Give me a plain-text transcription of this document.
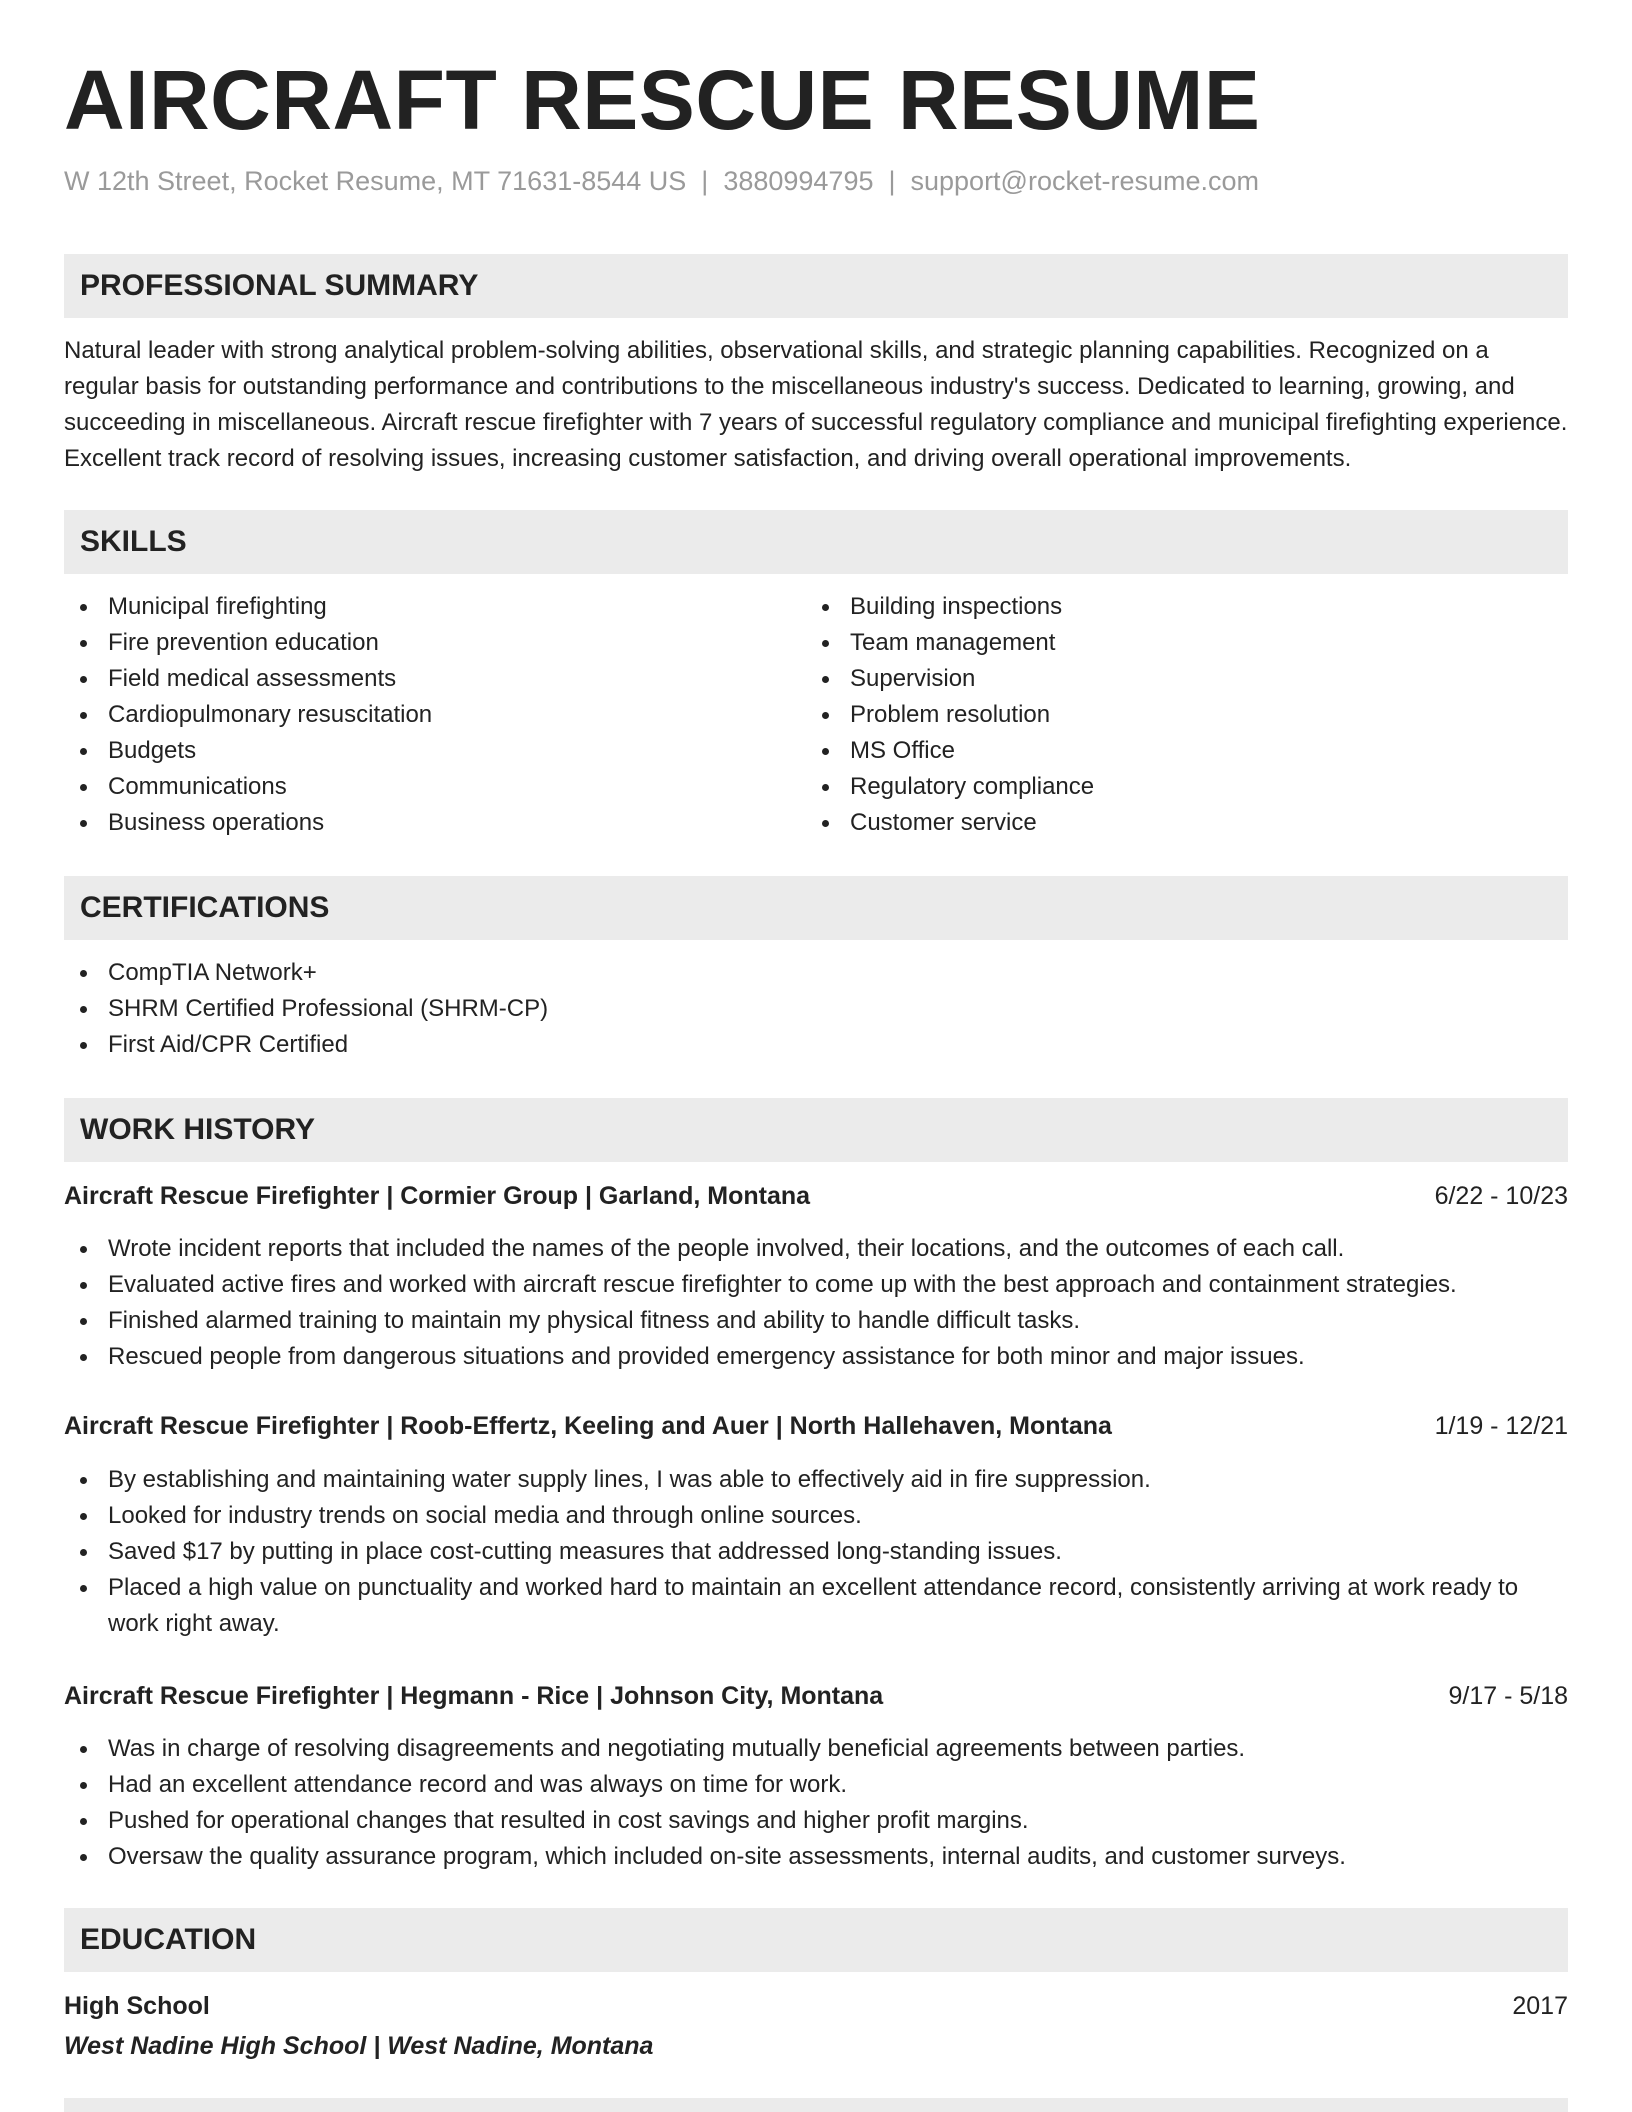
AIRCRAFT RESCUE RESUME
W 12th Street, Rocket Resume, MT 71631-8544 US | 3880994795 | support@rocket-resume.com
PROFESSIONAL SUMMARY

Natural leader with strong analytical problem-solving abilities, observational skills, and strategic planning capabilities. Recognized on a regular basis for outstanding performance and contributions to the miscellaneous industry's success. Dedicated to learning, growing, and succeeding in miscellaneous. Aircraft rescue firefighter with 7 years of successful regulatory compliance and municipal firefighting experience. Excellent track record of resolving issues, increasing customer satisfaction, and driving overall operational improvements.

SKILLS
Municipal firefighting
Fire prevention education
Field medical assessments
Cardiopulmonary resuscitation
Budgets
Communications
Business operations
Building inspections
Team management
Supervision
Problem resolution
MS Office
Regulatory compliance
Customer service
CERTIFICATIONS
CompTIA Network+
SHRM Certified Professional (SHRM-CP)
First Aid/CPR Certified
WORK HISTORY
Aircraft Rescue Firefighter | Cormier Group | Garland, Montana	6/22 - 10/23
Wrote incident reports that included the names of the people involved, their locations, and the outcomes of each call.
Evaluated active fires and worked with aircraft rescue firefighter to come up with the best approach and containment strategies.
Finished alarmed training to maintain my physical fitness and ability to handle difficult tasks.
Rescued people from dangerous situations and provided emergency assistance for both minor and major issues.
Aircraft Rescue Firefighter | Roob-Effertz, Keeling and Auer | North Hallehaven, Montana	1/19 - 12/21
By establishing and maintaining water supply lines, I was able to effectively aid in fire suppression.
Looked for industry trends on social media and through online sources.
Saved $17 by putting in place cost-cutting measures that addressed long-standing issues.
Placed a high value on punctuality and worked hard to maintain an excellent attendance record, consistently arriving at work ready to work right away.
Aircraft Rescue Firefighter | Hegmann - Rice | Johnson City, Montana	9/17 - 5/18
Was in charge of resolving disagreements and negotiating mutually beneficial agreements between parties.
Had an excellent attendance record and was always on time for work.
Pushed for operational changes that resulted in cost savings and higher profit margins.
Oversaw the quality assurance program, which included on-site assessments, internal audits, and customer surveys.
EDUCATION
High School	2017
West Nadine High School | West Nadine, Montana
